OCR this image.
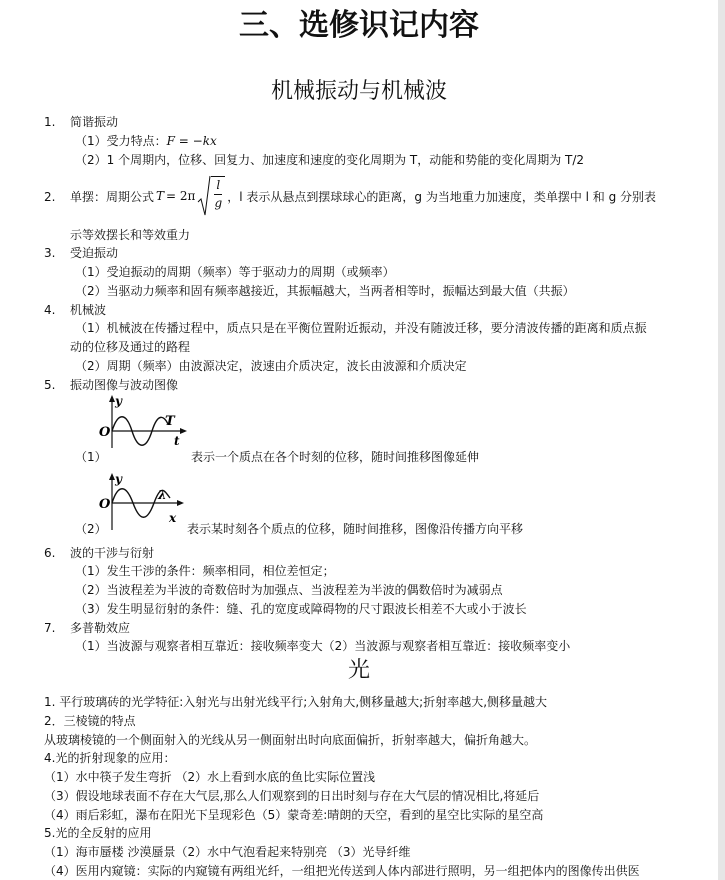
三、选修识记内容
机械振动与机械波
1. 简谐振动
（1）受力特点：F = −kx
（2）1 个周期内，位移、回复力、加速度和速度的变化周期为 T，动能和势能的变化周期为 T/2
2. 单摆：周期公式 $T = 2\pi \frac{l}{g}$ ，l 表示从悬点到摆球球心的距离，g 为当地重力加速度，类单摆中 l 和 g 分别表
示等效摆长和等效重力
3. 受迫振动
（1）受迫振动的周期（频率）等于驱动力的周期（或频率）
（2）当驱动力频率和固有频率越接近，其振幅越大，当两者相等时，振幅达到最大值（共振）
4. 机械波
（1）机械波在传播过程中，质点只是在平衡位置附近振动，并没有随波迁移，要分清波传播的距离和质点振
动的位移及通过的路程
（2）周期（频率）由波源决定，波速由介质决定，波长由波源和介质决定
5. 振动图像与波动图像
y
O
T
t
（1）	表示一个质点在各个时刻的位移，随时间推移图像延伸
y
O
λ
x
（2）	表示某时刻各个质点的位移，随时间推移，图像沿传播方向平移
6. 波的干涉与衍射
（1）发生干涉的条件：频率相同，相位差恒定；
（2）当波程差为半波的奇数倍时为加强点、当波程差为半波的偶数倍时为减弱点
（3）发生明显衍射的条件：缝、孔的宽度或障碍物的尺寸跟波长相差不大或小于波长
7. 多普勒效应
（1）当波源与观察者相互靠近：接收频率变大（2）当波源与观察者相互靠近：接收频率变小
光
1. 平行玻璃砖的光学特征:入射光与出射光线平行;入射角大,侧移量越大;折射率越大,侧移量越大
2．三棱镜的特点
从玻璃棱镜的一个侧面射入的光线从另一侧面射出时向底面偏折，折射率越大，偏折角越大。
4.光的折射现象的应用：
（1）水中筷子发生弯折 （2）水上看到水底的鱼比实际位置浅
（3）假设地球表面不存在大气层,那么人们观察到的日出时刻与存在大气层的情况相比,将延后
（4）雨后彩虹，瀑布在阳光下呈现彩色（5）蒙奇差:晴朗的天空，看到的星空比实际的星空高
5.光的全反射的应用
（1）海市蜃楼 沙漠蜃景（2）水中气泡看起来特别亮 （3）光导纤维
（4）医用内窥镜：实际的内窥镜有两组光纤，一组把光传送到人体内部进行照明，另一组把体内的图像传出供医
